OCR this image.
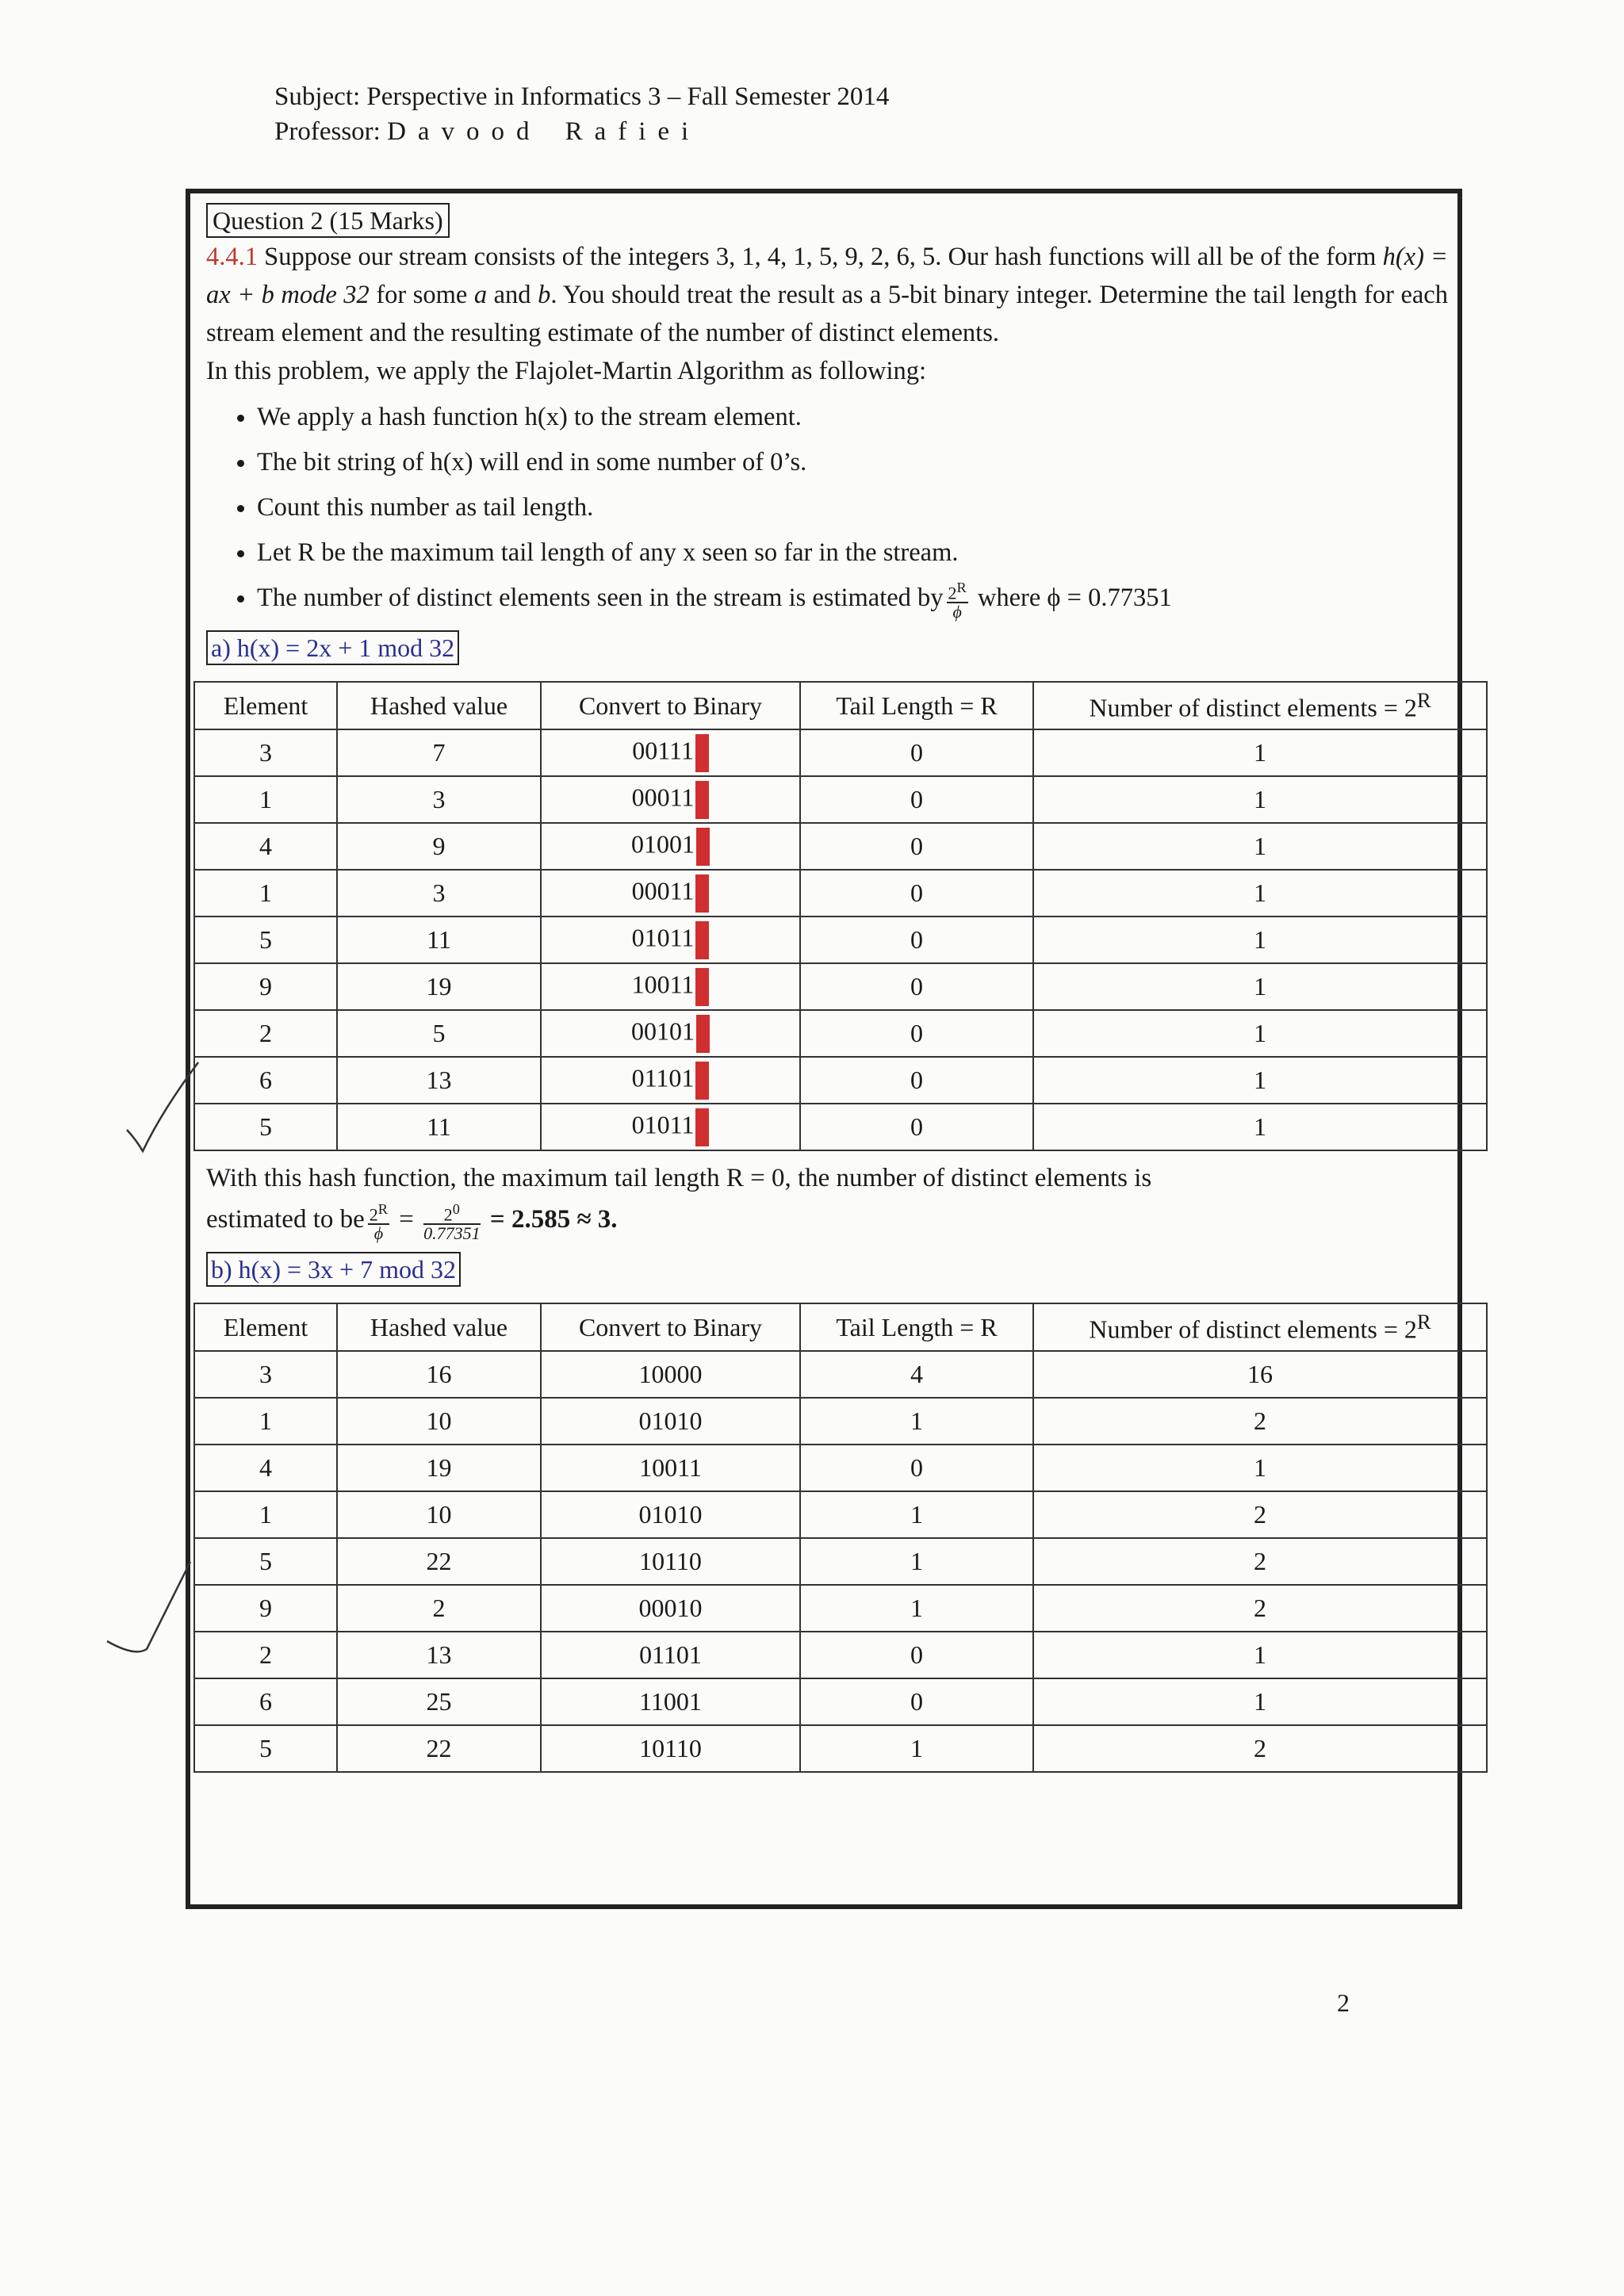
Subject: Perspective in Informatics 3 – Fall Semester 2014
Professor: Davood Rafiei
Question 2 (15 Marks)

4.4.1 Suppose our stream consists of the integers 3, 1, 4, 1, 5, 9, 2, 6, 5. Our hash functions will all be of the form h(x) = ax + b mode 32 for some a and b. You should treat the result as a 5-bit binary integer. Determine the tail length for each stream element and the resulting estimate of the number of distinct elements.

In this problem, we apply the Flajolet-Martin Algorithm as following:

• We apply a hash function h(x) to the stream element.
• The bit string of h(x) will end in some number of 0’s.
• Count this number as tail length.
• Let R be the maximum tail length of any x seen so far in the stream.
• The number of distinct elements seen in the stream is estimated by $\frac{2^R}{\phi}$ where ϕ = 0.77351
a) h(x) = 2x + 1 mod 32
Element	Hashed value	Convert to Binary	Tail Length = R	Number of distinct elements = $2^R$
3	7	00111	0	1
1	3	00011	0	1
4	9	01001	0	1
1	3	00011	0	1
5	11	01011	0	1
9	19	10011	0	1
2	5	00101	0	1
6	13	01101	0	1
5	11	01011	0	1

With this hash function, the maximum tail length R = 0, the number of distinct elements is
estimated to be $\frac{2^R}{\phi} = \frac{2^0}{0.77351} = 2.585 \approx 3$.

b) h(x) = 3x + 7 mod 32
Element	Hashed value	Convert to Binary	Tail Length = R	Number of distinct elements = $2^R$
3	16	10000	4	16
1	10	01010	1	2
4	19	10011	0	1
1	10	01010	1	2
5	22	10110	1	2
9	2	00010	1	2
2	13	01101	0	1
6	25	11001	0	1
5	22	10110	1	2
2
